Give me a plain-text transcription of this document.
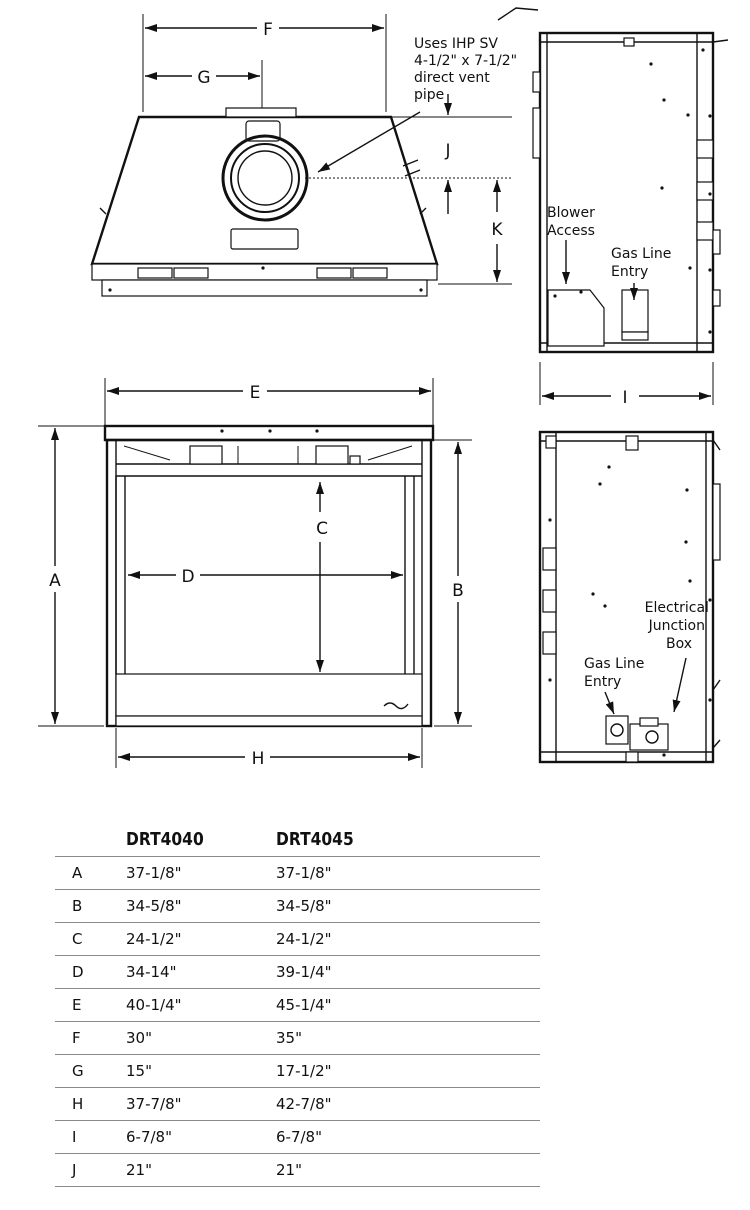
F
G
J
K
Uses IHP SV 4-1/2" x 7-1/2" direct vent pipe
E
C
D
A	B
H
Blower Access
Gas Line Entry
I
Electrical Junction Box
Gas Line Entry
	DRT4040	DRT4045
A	37-1/8"	37-1/8"
B	34-5/8"	34-5/8"
C	24-1/2"	24-1/2"
D	34-14"	39-1/4"
E	40-1/4"	45-1/4"
F	30"	35"
G	15"	17-1/2"
H	37-7/8"	42-7/8"
I	6-7/8"	6-7/8"
J	21"	21"
